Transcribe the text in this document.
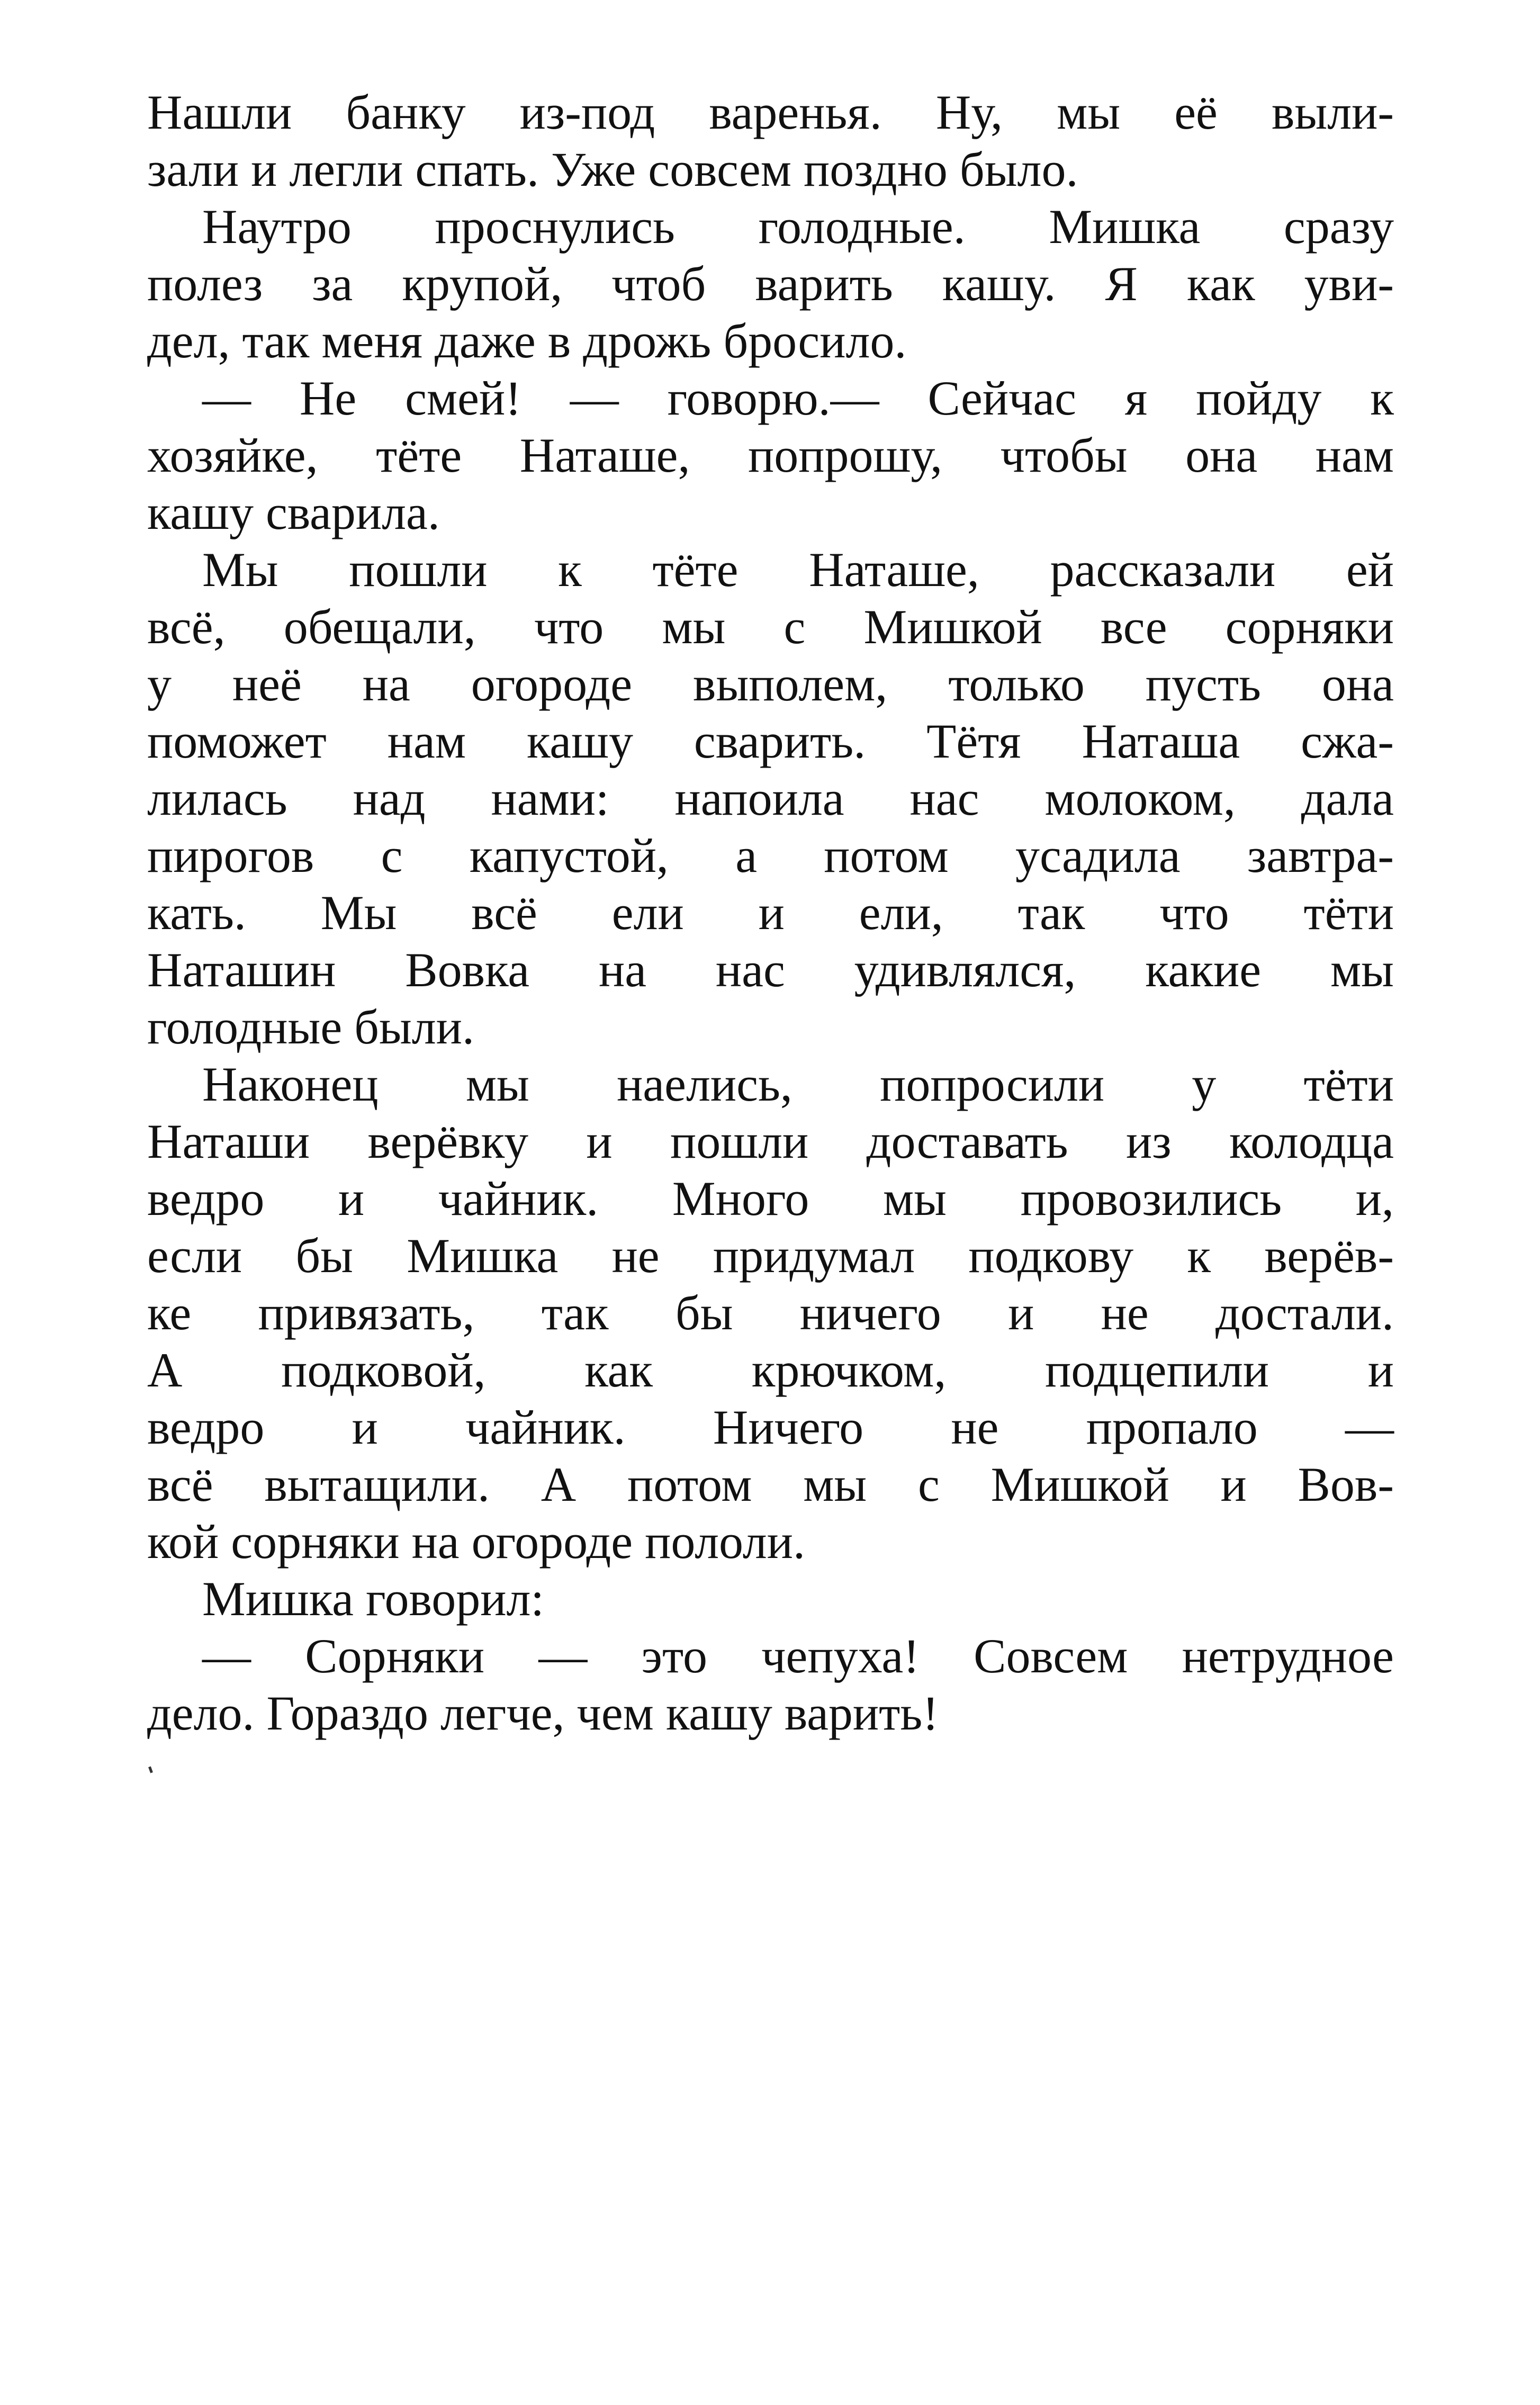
Нашли банку из-под варенья. Ну, мы её выли-
зали и легли спать. Уже совсем поздно было.
Наутро проснулись голодные. Мишка сразу
полез за крупой, чтоб варить кашу. Я как уви-
дел, так меня даже в дрожь бросило.
— Не смей! — говорю.— Сейчас я пойду к
хозяйке, тёте Наташе, попрошу, чтобы она нам
кашу сварила.
Мы пошли к тёте Наташе, рассказали ей
всё, обещали, что мы с Мишкой все сорняки
у неё на огороде выполем, только пусть она
поможет нам кашу сварить. Тётя Наташа сжа-
лилась над нами: напоила нас молоком, дала
пирогов с капустой, а потом усадила завтра-
кать. Мы всё ели и ели, так что тёти
Наташин Вовка на нас удивлялся, какие мы
голодные были.
Наконец мы наелись, попросили у тёти
Наташи верёвку и пошли доставать из колодца
ведро и чайник. Много мы провозились и,
если бы Мишка не придумал подкову к верёв-
ке привязать, так бы ничего и не достали.
А подковой, как крючком, подцепили и
ведро и чайник. Ничего не пропало —
всё вытащили. А потом мы с Мишкой и Вов-
кой сорняки на огороде пололи.
Мишка говорил:
— Сорняки — это чепуха! Совсем нетрудное
дело. Гораздо легче, чем кашу варить!
